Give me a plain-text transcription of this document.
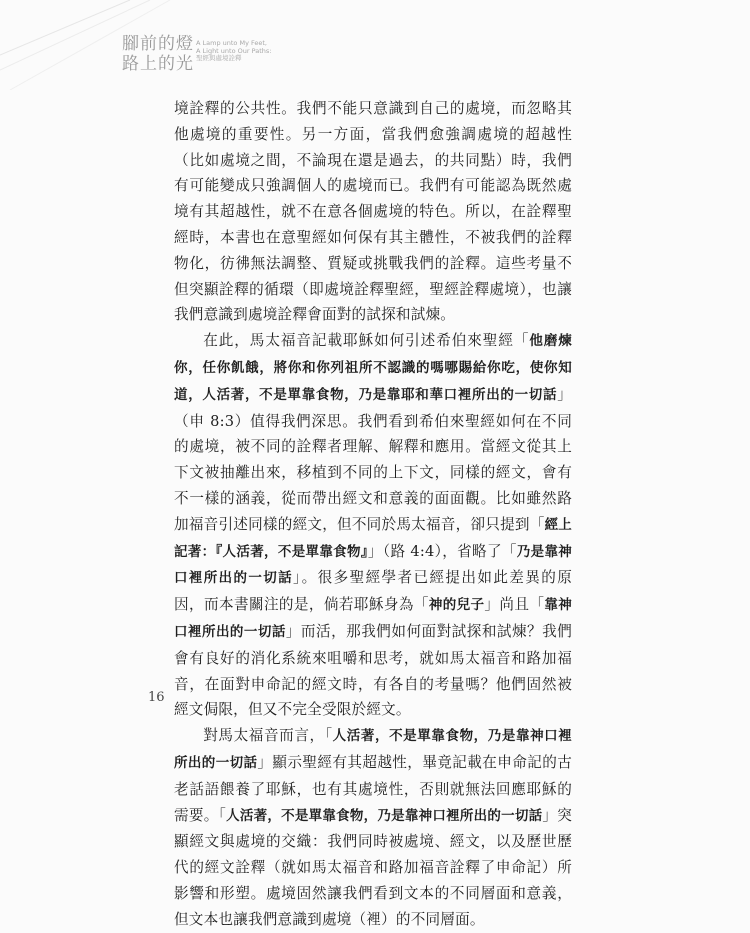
腳前的燈
路上的光
A Lamp unto My Feet,
A Light unto Our Paths:
聖經與處境詮釋

境詮釋的公共性。我們不能只意識到自己的處境，而忽略其他處境的重要性。另一方面，當我們愈強調處境的超越性（比如處境之間，不論現在還是過去，的共同點）時，我們有可能變成只強調個人的處境而已。我們有可能認為既然處境有其超越性，就不在意各個處境的特色。所以，在詮釋聖經時，本書也在意聖經如何保有其主體性，不被我們的詮釋物化，彷彿無法調整、質疑或挑戰我們的詮釋。這些考量不但突顯詮釋的循環（即處境詮釋聖經，聖經詮釋處境），也讓我們意識到處境詮釋會面對的試探和試煉。

在此，馬太福音記載耶穌如何引述希伯來聖經「他磨煉你，任你飢餓，將你和你列祖所不認識的嗎哪賜給你吃，使你知道，人活著，不是單靠食物，乃是靠耶和華口裡所出的一切話」（申 8:3）值得我們深思。我們看到希伯來聖經如何在不同的處境，被不同的詮釋者理解、解釋和應用。當經文從其上下文被抽離出來，移植到不同的上下文，同樣的經文，會有不一樣的涵義，從而帶出經文和意義的面面觀。比如雖然路加福音引述同樣的經文，但不同於馬太福音，卻只提到「經上記著：『人活著，不是單靠食物』」（路 4:4），省略了「乃是靠神口裡所出的一切話」。很多聖經學者已經提出如此差異的原因，而本書關注的是，倘若耶穌身為「神的兒子」尚且「靠神口裡所出的一切話」而活，那我們如何面對試探和試煉？我們會有良好的消化系統來咀嚼和思考，就如馬太福音和路加福音，在面對申命記的經文時，有各自的考量嗎？他們固然被經文侷限，但又不完全受限於經文。

對馬太福音而言，「人活著，不是單靠食物，乃是靠神口裡所出的一切話」顯示聖經有其超越性，畢竟記載在申命記的古老話語餵養了耶穌，也有其處境性，否則就無法回應耶穌的需要。「人活著，不是單靠食物，乃是靠神口裡所出的一切話」突顯經文與處境的交織：我們同時被處境、經文，以及歷世歷代的經文詮釋（就如馬太福音和路加福音詮釋了申命記）所影響和形塑。處境固然讓我們看到文本的不同層面和意義，但文本也讓我們意識到處境（裡）的不同層面。

16
